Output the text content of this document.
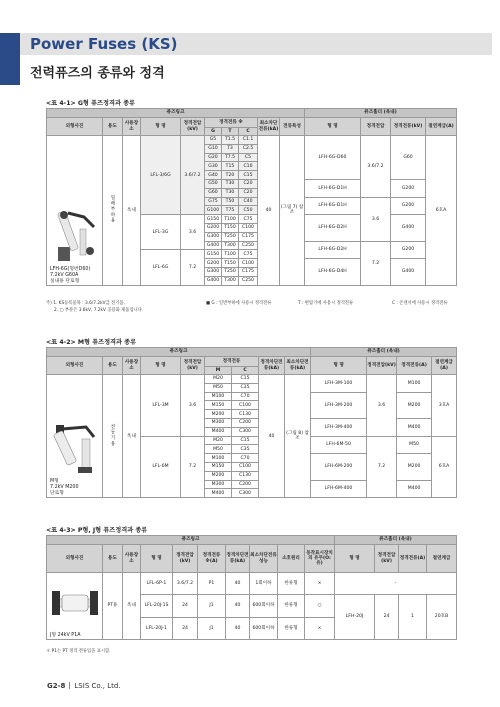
Power Fuses (KS)
전력퓨즈의 종류와 정격
<표 4-1> G형 퓨즈정격과 종류
퓨즈링크										퓨즈홀더 (옥내)			
외형사진	용도	사용장소	형 명	정격전압(kV)	정격전류 ※			최소차단전류(kA)	전류특성	형 명	정격전압	정격전류(kV)	절연계급(A)
					G	T	C						

LFH-6G(형번D60)
7.2kV G60A
실내용 단로형	밀폐부하용	옥내	LFL-3/6G	3.6/7.2	G5	T1.5	C1.1	40	(그림 7) 참조	LFH-6G-D60	3.6/7.2	G60	6호A
					G10	T3	C2.5						
					G20	T7.5	C5						
					G30	T15	C10						
					G40	T20	C15						
					G50	T30	C20			LFH-6G-D1H		G200	
					G60	T30	C20						
					G75	T50	C40			LFH-6G-D1H	3.6	G200	
					G100	T75	C50						
			LFL-3G	3.6	G150	T100	C75			LFH-6G-D2H		G400	
					G200	T150	C100						
					G300	T250	C175						
					G400	T300	C250			LFH-6G-D2H	7.2	G200	
			LFL-6G	7.2	G150	T100	C75						
					G200	T150	C100			LFH-6G-D4H		G400	
					G300	T250	C175						
					G400	T300	C250						
주) 1. KS등록품목 : 3.6/7.2kV급 전기품,	■ G : 일반부하에 사용시 정격전류	T : 변압기에 사용시 정격전류	C : 콘덴서에 사용시 정격전류
2. ▢ 부분은 3.6kV, 7.2kV 공용화 제품입니다.
<표 4-2> M형 퓨즈정격과 종류
퓨즈링크									퓨즈홀더 (옥내)			
외형사진	용도	사용장소	형 명	정격전압(kV)	정격전류		정격차단전류(kA)	최소차단전류(kA)	형 명	정격전압(kV)	정격전류(A)	절연계급(A)
					M	C						

M형
7.2kV M200
단로형	전동기용	옥내	LFL-3M	3.6	M20	C15	40	(그림 8) 참조	LFH-3M-100	3.6	M100	3호A
					M50	C35						
					M100	C70			LFH-3M-200		M200	
					M150	C100						
					M200	C130						
					M300	C200			LFH-3M-400		M400	
					M400	C300						
			LFL-6M	7.2	M20	C15			LFH-6M-50	7.2	M50	6호A
					M50	C35						
					M100	C70			LFH-6M-200		M200	
					M150	C100						
					M200	C130						
					M300	C200			LFH-6M-400		M400	
					M400	C300						
<표 4-3> P형, J형 퓨즈정격과 종류
퓨즈링크										퓨즈홀더 (옥내)			
외형사진	용도	사용장소	형 명	정격전압(kV)	정격전류 ※(A)	정격차단전류(kA)	최소차단전류성능	소호원리	동작표시장치의 유무(O:유)	형 명	정격전압(kV)	정격전류(A)	절연계급

J형 24kV P1A	PT용	옥내	LFL-6P-1	3.6/7.2	P1	40	1회이하	한류형	×	-			
			LFL-20J-1S	24	J1	40	600회이하	한류형	○	LFH-20J	24	1	20호B
			LFL-20J-1	24	J1	40	600회이하	한류형	×				
＊ P1는 PT 정격 전류입을 표시함.
G2-8 LSIS Co., Ltd.
